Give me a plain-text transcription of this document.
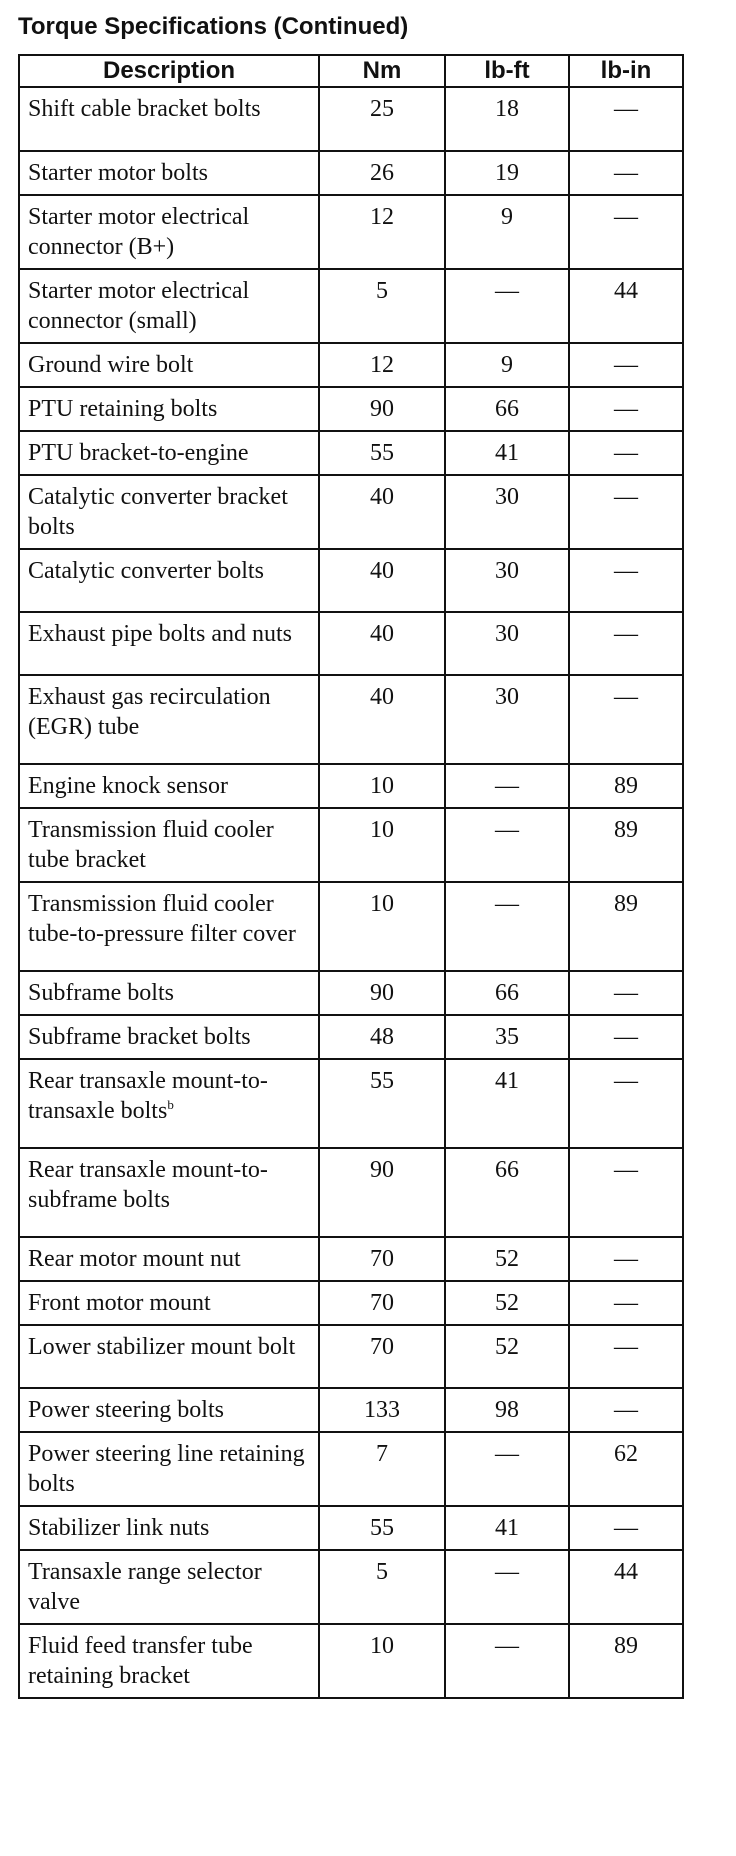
Torque Specifications (Continued)
Description	Nm	lb-ft	lb-in
Shift cable bracket bolts	25	18	—
Starter motor bolts	26	19	—
Starter motor electrical connector (B+)	12	9	—
Starter motor electrical connector (small)	5	—	44
Ground wire bolt	12	9	—
PTU retaining bolts	90	66	—
PTU bracket-to-engine	55	41	—
Catalytic converter bracket bolts	40	30	—
Catalytic converter bolts	40	30	—
Exhaust pipe bolts and nuts	40	30	—
Exhaust gas recirculation (EGR) tube	40	30	—
Engine knock sensor	10	—	89
Transmission fluid cooler tube bracket	10	—	89
Transmission fluid cooler tube-to-pressure filter cover	10	—	89
Subframe bolts	90	66	—
Subframe bracket bolts	48	35	—
Rear transaxle mount-to-transaxle bolts$^b$	55	41	—
Rear transaxle mount-to-subframe bolts	90	66	—
Rear motor mount nut	70	52	—
Front motor mount	70	52	—
Lower stabilizer mount bolt	70	52	—
Power steering bolts	133	98	—
Power steering line retaining bolts	7	—	62
Stabilizer link nuts	55	41	—
Transaxle range selector valve	5	—	44
Fluid feed transfer tube retaining bracket	10	—	89
